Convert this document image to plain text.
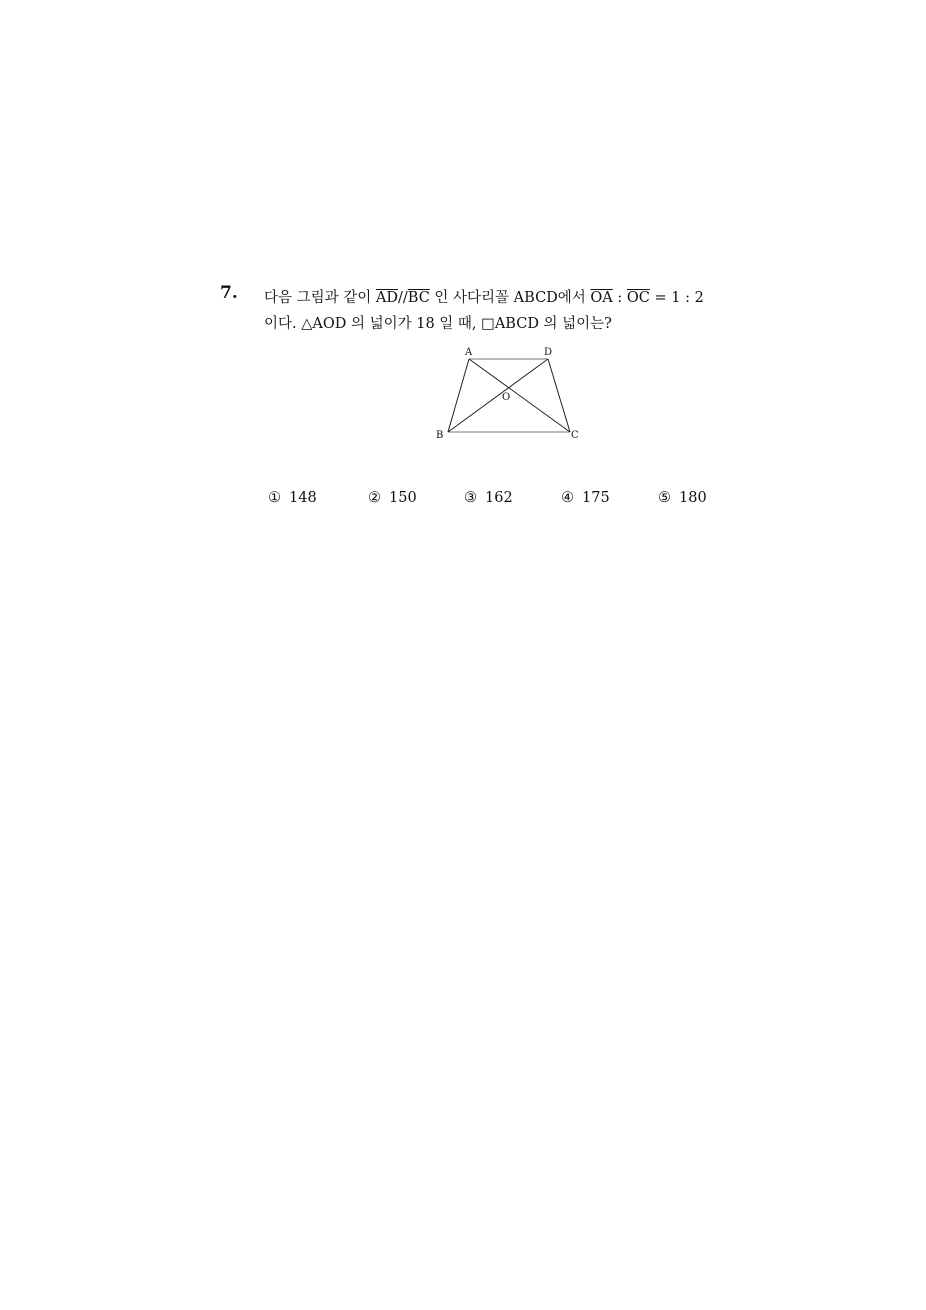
7. 다음 그림과 같이 $\overline{AD}//\overline{BC}$ 인 사다리꼴 ABCD에서 $\overline{OA}$ : $\overline{OC} = 1$ : 2
이다. △AOD 의 넓이가 18 일 때, □ABCD 의 넓이는?
A	D
O
B	C
① 148	② 150	③ 162	④ 175	⑤ 180
